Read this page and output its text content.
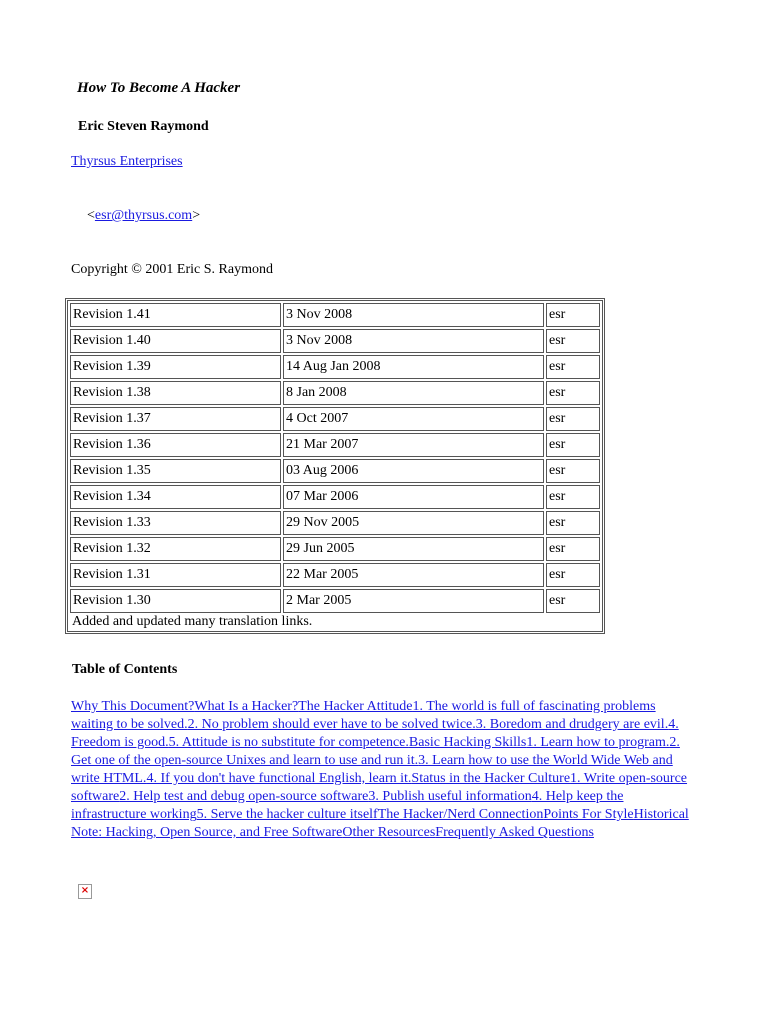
How To Become A Hacker
Eric Steven Raymond
Thyrsus Enterprises
<esr@thyrsus.com>
Copyright © 2001 Eric S. Raymond
Revision 1.41	3 Nov 2008	esr
Revision 1.40	3 Nov 2008	esr
Revision 1.39	14 Aug Jan 2008	esr
Revision 1.38	8 Jan 2008	esr
Revision 1.37	4 Oct 2007	esr
Revision 1.36	21 Mar 2007	esr
Revision 1.35	03 Aug 2006	esr
Revision 1.34	07 Mar 2006	esr
Revision 1.33	29 Nov 2005	esr
Revision 1.32	29 Jun 2005	esr
Revision 1.31	22 Mar 2005	esr
Revision 1.30	2 Mar 2005	esr
Added and updated many translation links.		
Table of Contents
Why This Document?What Is a Hacker?The Hacker Attitude1. The world is full of fascinating problems waiting to be solved.2. No problem should ever have to be solved twice.3. Boredom and drudgery are evil.4. Freedom is good.5. Attitude is no substitute for competence.Basic Hacking Skills1. Learn how to program.2. Get one of the open-source Unixes and learn to use and run it.3. Learn how to use the World Wide Web and write HTML.4. If you don't have functional English, learn it.Status in the Hacker Culture1. Write open-source software2. Help test and debug open-source software3. Publish useful information4. Help keep the infrastructure working5. Serve the hacker culture itselfThe Hacker/Nerd ConnectionPoints For StyleHistorical Note: Hacking, Open Source, and Free SoftwareOther ResourcesFrequently Asked Questions
×
